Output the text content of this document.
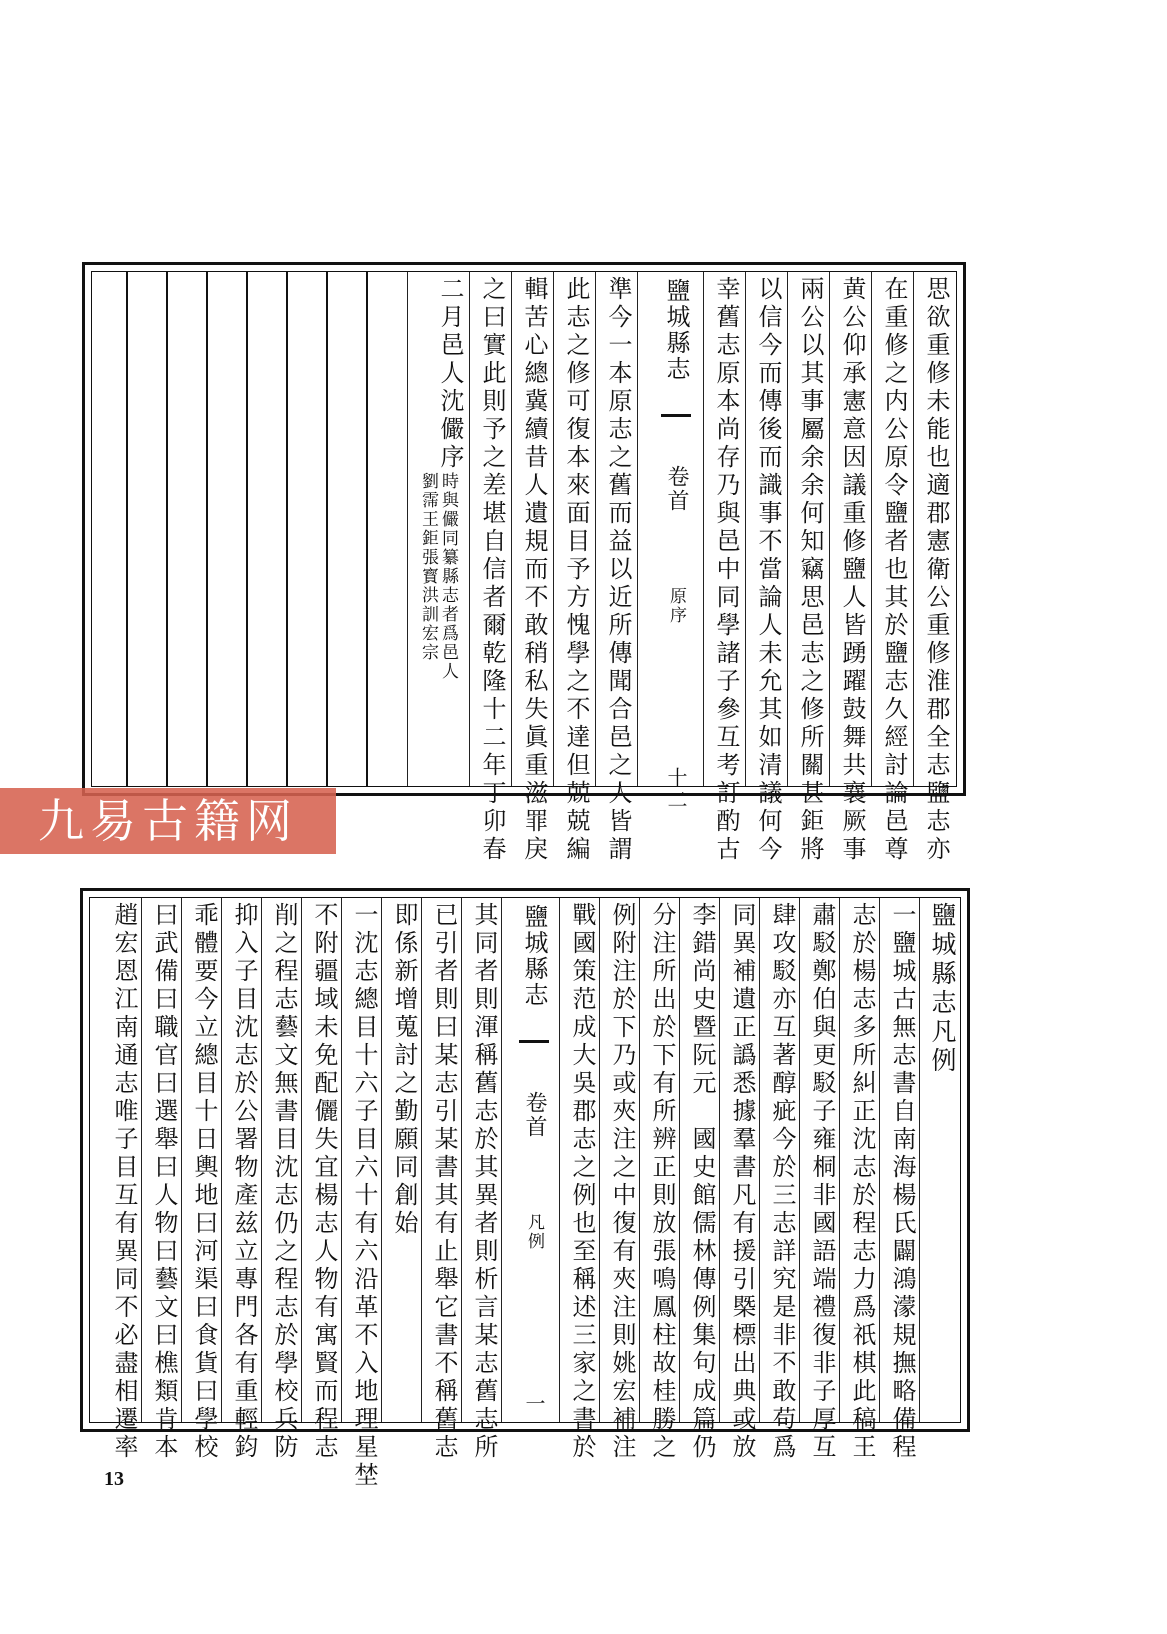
思欲重修未能也適郡憲衛公重修淮郡全志鹽志亦
在重修之内公原令鹽者也其於鹽志久經討論邑尊
黄公仰承憲意因議重修鹽人皆踴躍鼓舞共襄厥事
兩公以其事屬余余何知竊思邑志之修所關甚鉅將
以信今而傳後而識事不當論人未允其如清議何今
幸舊志原本尚存乃與邑中同學諸子參互考訂酌古
鹽城縣志  卷首  原序  十二
準今一本原志之舊而益以近所傳聞合邑之人皆謂
此志之修可復本來面目予方愧學之不達但兢兢編
輯苦心總冀續昔人遺規而不敢稍私失眞重滋罪戾
之曰實此則予之差堪自信者爾乾隆十二年丁卯春
二月邑人沈儼序
時與儼同纂縣志者爲邑人
劉霈王鉅張寳洪訓宏宗
九易古籍网
鹽城縣志凡例
一鹽城古無志書自南海楊氏闢鴻濛規撫略備程
志於楊志多所糾正沈志於程志力爲祇棋此稿王
肅駁鄭伯與更駁子雍桐非國語端禮復非子厚互
肆攻駁亦互著醇疵今於三志詳究是非不敢苟爲
同異補遺正譌悉據羣書凡有援引槩標出典或放
李錯尚史暨阮元　國史館儒林傳例集句成篇仍
分注所出於下有所辨正則放張鳴鳳柱故桂勝之
例附注於下乃或夾注之中復有夾注則姚宏補注
戰國策范成大吳郡志之例也至稱述三家之書於
鹽城縣志  卷首  凡例  一
其同者則渾稱舊志於其異者則析言某志舊志所
已引者則曰某志引某書其有止舉它書不稱舊志
即係新增蒐討之勤願同創始
一沈志總目十六子目六十有六沿革不入地理星埜
不附疆域未免配儷失宜楊志人物有寓賢而程志
削之程志藝文無書目沈志仍之程志於學校兵防
抑入子目沈志於公署物產兹立專門各有重輕鈞
乖體要今立總目十日輿地曰河渠曰食貨曰學校
曰武備曰職官曰選舉曰人物曰藝文曰樵類肯本
趙宏恩江南通志唯子目互有異同不必盡相遷率
13
